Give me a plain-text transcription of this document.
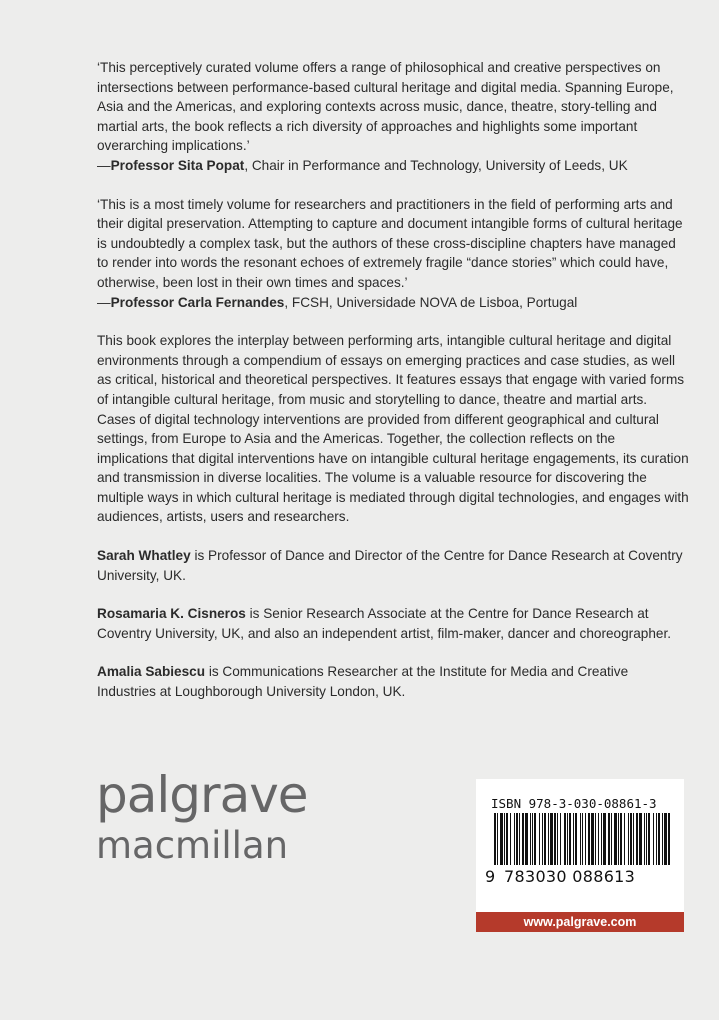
‘This perceptively curated volume offers a range of philosophical and creative perspectives on intersections between performance-based cultural heritage and digital media. Spanning Europe, Asia and the Americas, and exploring contexts across music, dance, theatre, story-telling and martial arts, the book reflects a rich diversity of approaches and highlights some important overarching implications.’

—Professor Sita Popat, Chair in Performance and Technology, University of Leeds, UK

‘This is a most timely volume for researchers and practitioners in the field of performing arts and their digital preservation. Attempting to capture and document intangible forms of cultural heritage is undoubtedly a complex task, but the authors of these cross-discipline chapters have managed to render into words the resonant echoes of extremely fragile “dance stories” which could have, otherwise, been lost in their own times and spaces.’

—Professor Carla Fernandes, FCSH, Universidade NOVA de Lisboa, Portugal

This book explores the interplay between performing arts, intangible cultural heritage and digital environments through a compendium of essays on emerging practices and case studies, as well as critical, historical and theoretical perspectives. It features essays that engage with varied forms of intangible cultural heritage, from music and storytelling to dance, theatre and martial arts. Cases of digital technology interventions are provided from different geographical and cultural settings, from Europe to Asia and the Americas. Together, the collection reflects on the implications that digital interventions have on intangible cultural heritage engagements, its curation and transmission in diverse localities. The volume is a valuable resource for discovering the multiple ways in which cultural heritage is mediated through digital technologies, and engages with audiences, artists, users and researchers.

Sarah Whatley is Professor of Dance and Director of the Centre for Dance Research at Coventry University, UK.

Rosamaria K. Cisneros is Senior Research Associate at the Centre for Dance Research at Coventry University, UK, and also an independent artist, film-maker, dancer and choreographer.

Amalia Sabiescu is Communications Researcher at the Institute for Media and Creative Industries at Loughborough University London, UK.

palgrave
macmillan
ISBN 978-3-030-08861-3
9 783030 088613
www.palgrave.com
